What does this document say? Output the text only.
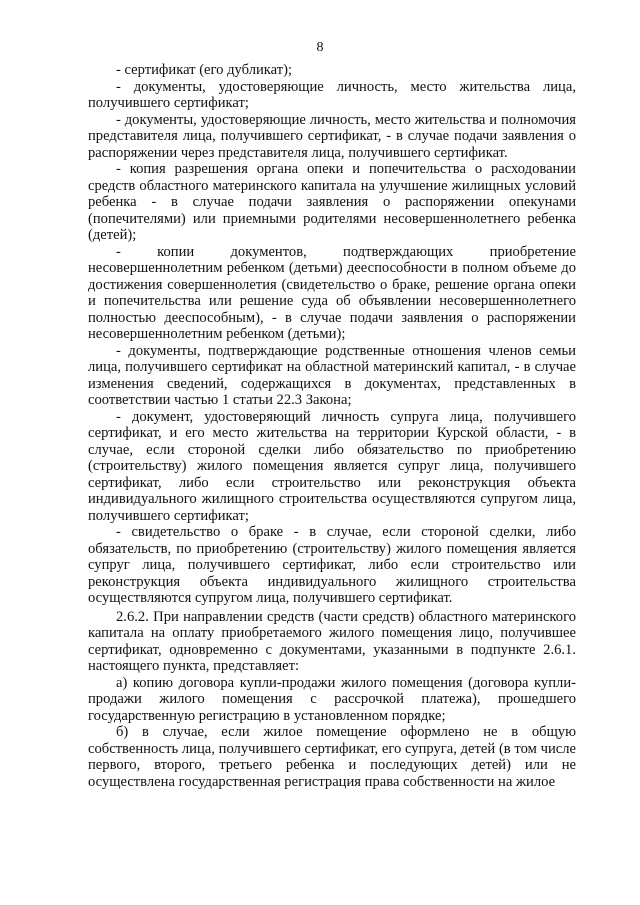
8

- сертификат (его дубликат);

- документы, удостоверяющие личность, место жительства лица, получившего сертификат;

- документы, удостоверяющие личность, место жительства и полномочия представителя лица, получившего сертификат, - в случае подачи заявления о распоряжении через представителя лица, получившего сертификат.

- копия разрешения органа опеки и попечительства о расходовании средств областного материнского капитала на улучшение жилищных условий ребенка - в случае подачи заявления о распоряжении опекунами (попечителями) или приемными родителями несовершеннолетнего ребенка (детей);

- копии документов, подтверждающих приобретение несовершеннолетним ребенком (детьми) дееспособности в полном объеме до достижения совершеннолетия (свидетельство о браке, решение органа опеки и попечительства или решение суда об объявлении несовершеннолетнего полностью дееспособным), - в случае подачи заявления о распоряжении несовершеннолетним ребенком (детьми);

- документы, подтверждающие родственные отношения членов семьи лица, получившего сертификат на областной материнский капитал, - в случае изменения сведений, содержащихся в документах, представленных в соответствии частью 1 статьи 22.3 Закона;

- документ, удостоверяющий личность супруга лица, получившего сертификат, и его место жительства на территории Курской области, - в случае, если стороной сделки либо обязательство по приобретению (строительству) жилого помещения является супруг лица, получившего сертификат, либо если строительство или реконструкция объекта индивидуального жилищного строительства осуществляются супругом лица, получившего сертификат;

- свидетельство о браке - в случае, если стороной сделки, либо обязательств, по приобретению (строительству) жилого помещения является супруг лица, получившего сертификат, либо если строительство или реконструкция объекта индивидуального жилищного строительства осуществляются супругом лица, получившего сертификат.

2.6.2. При направлении средств (части средств) областного материнского капитала на оплату приобретаемого жилого помещения лицо, получившее сертификат, одновременно с документами, указанными в подпункте 2.6.1. настоящего пункта, представляет:

а) копию договора купли-продажи жилого помещения (договора купли-продажи жилого помещения с рассрочкой платежа), прошедшего государственную регистрацию в установленном порядке;

б) в случае, если жилое помещение оформлено не в общую собственность лица, получившего сертификат, его супруга, детей (в том числе первого, второго, третьего ребенка и последующих детей) или не осуществлена государственная регистрация права собственности на жилое
